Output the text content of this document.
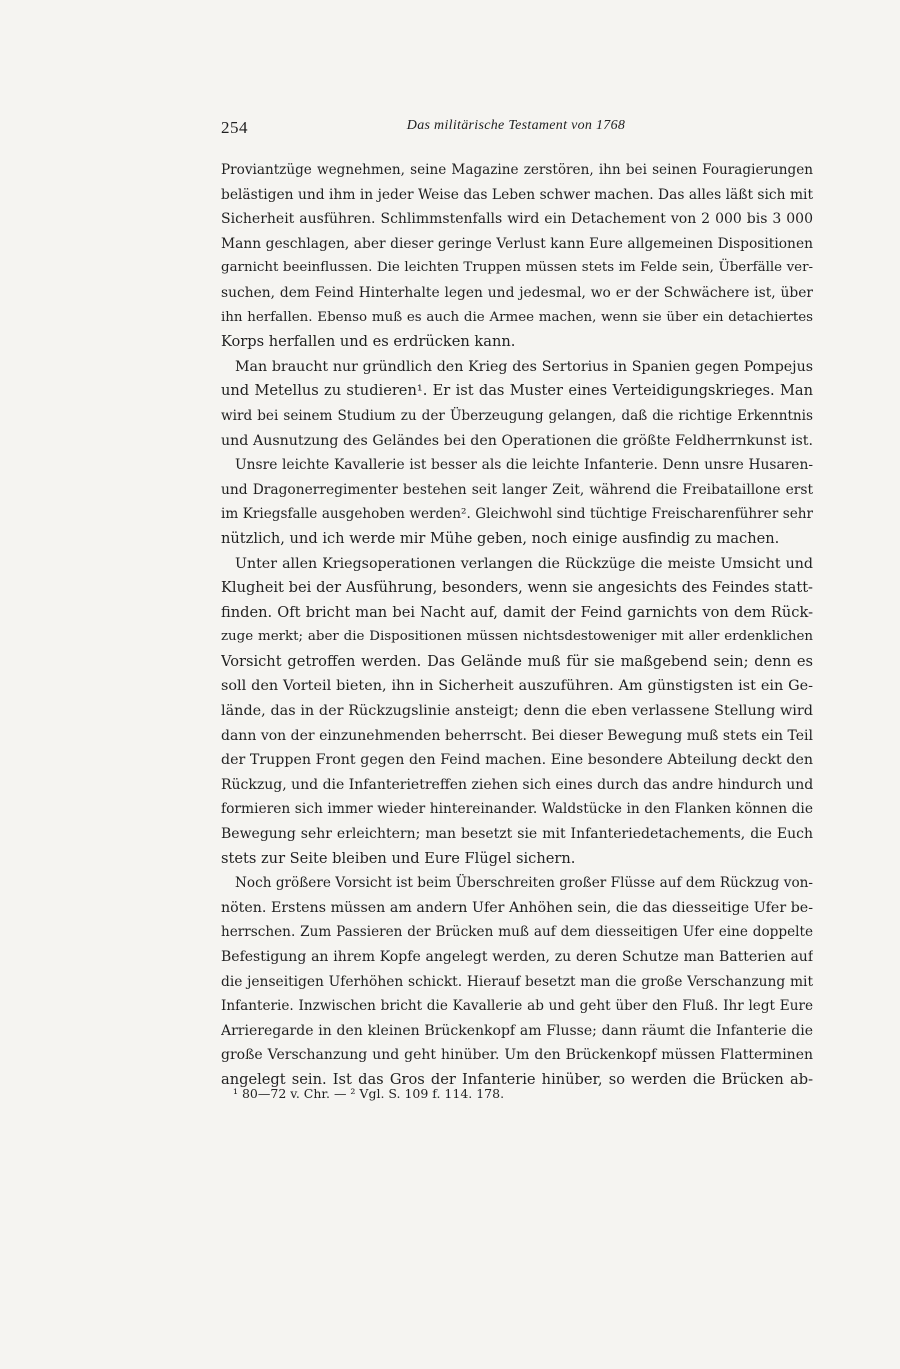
254	Das militärische Testament von 1768
Proviantzüge wegnehmen, seine Magazine zerstören, ihn bei seinen Fouragierungen
belästigen und ihm in jeder Weise das Leben schwer machen. Das alles läßt sich mit
Sicherheit ausführen. Schlimmstenfalls wird ein Detachement von 2 000 bis 3 000
Mann geschlagen, aber dieser geringe Verlust kann Eure allgemeinen Dispositionen
garnicht beeinflussen. Die leichten Truppen müssen stets im Felde sein, Überfälle ver-
suchen, dem Feind Hinterhalte legen und jedesmal, wo er der Schwächere ist, über
ihn herfallen. Ebenso muß es auch die Armee machen, wenn sie über ein detachiertes
Korps herfallen und es erdrücken kann.
Man braucht nur gründlich den Krieg des Sertorius in Spanien gegen Pompejus
und Metellus zu studieren¹. Er ist das Muster eines Verteidigungskrieges. Man
wird bei seinem Studium zu der Überzeugung gelangen, daß die richtige Erkenntnis
und Ausnutzung des Geländes bei den Operationen die größte Feldherrnkunst ist.
Unsre leichte Kavallerie ist besser als die leichte Infanterie. Denn unsre Husaren-
und Dragonerregimenter bestehen seit langer Zeit, während die Freibataillone erst
im Kriegsfalle ausgehoben werden². Gleichwohl sind tüchtige Freischarenführer sehr
nützlich, und ich werde mir Mühe geben, noch einige ausfindig zu machen.
Unter allen Kriegsoperationen verlangen die Rückzüge die meiste Umsicht und
Klugheit bei der Ausführung, besonders, wenn sie angesichts des Feindes statt-
finden. Oft bricht man bei Nacht auf, damit der Feind garnichts von dem Rück-
zuge merkt; aber die Dispositionen müssen nichtsdestoweniger mit aller erdenklichen
Vorsicht getroffen werden. Das Gelände muß für sie maßgebend sein; denn es
soll den Vorteil bieten, ihn in Sicherheit auszuführen. Am günstigsten ist ein Ge-
lände, das in der Rückzugslinie ansteigt; denn die eben verlassene Stellung wird
dann von der einzunehmenden beherrscht. Bei dieser Bewegung muß stets ein Teil
der Truppen Front gegen den Feind machen. Eine besondere Abteilung deckt den
Rückzug, und die Infanterietreffen ziehen sich eines durch das andre hindurch und
formieren sich immer wieder hintereinander. Waldstücke in den Flanken können die
Bewegung sehr erleichtern; man besetzt sie mit Infanteriedetachements, die Euch
stets zur Seite bleiben und Eure Flügel sichern.
Noch größere Vorsicht ist beim Überschreiten großer Flüsse auf dem Rückzug von-
nöten. Erstens müssen am andern Ufer Anhöhen sein, die das diesseitige Ufer be-
herrschen. Zum Passieren der Brücken muß auf dem diesseitigen Ufer eine doppelte
Befestigung an ihrem Kopfe angelegt werden, zu deren Schutze man Batterien auf
die jenseitigen Uferhöhen schickt. Hierauf besetzt man die große Verschanzung mit
Infanterie. Inzwischen bricht die Kavallerie ab und geht über den Fluß. Ihr legt Eure
Arrieregarde in den kleinen Brückenkopf am Flusse; dann räumt die Infanterie die
große Verschanzung und geht hinüber. Um den Brückenkopf müssen Flatterminen
angelegt sein. Ist das Gros der Infanterie hinüber, so werden die Brücken ab-
¹ 80—72 v. Chr. — ² Vgl. S. 109 f. 114. 178.
